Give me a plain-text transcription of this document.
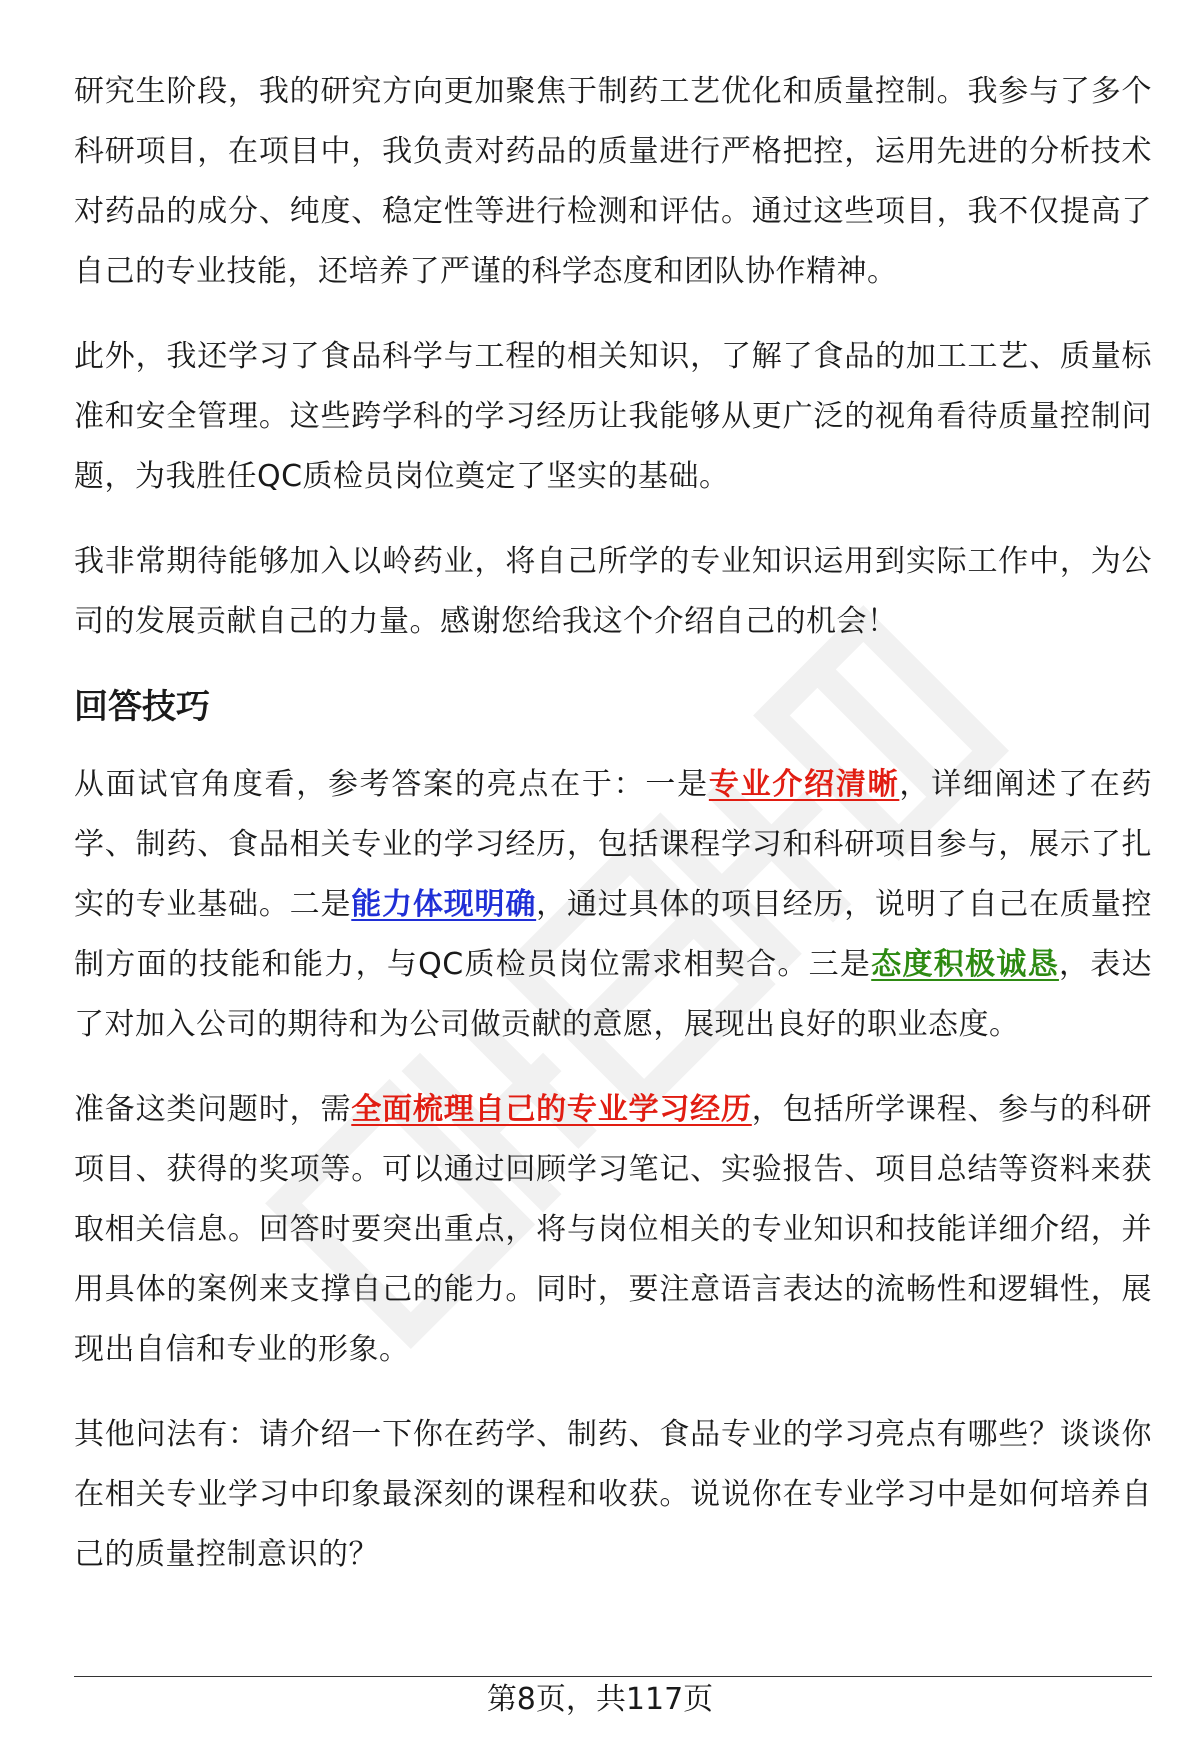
研究生阶段，我的研究方向更加聚焦于制药工艺优化和质量控制。我参与了多个科研项目，在项目中，我负责对药品的质量进行严格把控，运用先进的分析技术对药品的成分、纯度、稳定性等进行检测和评估。通过这些项目，我不仅提高了自己的专业技能，还培养了严谨的科学态度和团队协作精神。

此外，我还学习了食品科学与工程的相关知识，了解了食品的加工工艺、质量标准和安全管理。这些跨学科的学习经历让我能够从更广泛的视角看待质量控制问题，为我胜任QC质检员岗位奠定了坚实的基础。

我非常期待能够加入以岭药业，将自己所学的专业知识运用到实际工作中，为公司的发展贡献自己的力量。感谢您给我这个介绍自己的机会！

回答技巧

从面试官角度看，参考答案的亮点在于：一是专业介绍清晰，详细阐述了在药学、制药、食品相关专业的学习经历，包括课程学习和科研项目参与，展示了扎实的专业基础。二是能力体现明确，通过具体的项目经历，说明了自己在质量控制方面的技能和能力，与QC质检员岗位需求相契合。三是态度积极诚恳，表达了对加入公司的期待和为公司做贡献的意愿，展现出良好的职业态度。

准备这类问题时，需全面梳理自己的专业学习经历，包括所学课程、参与的科研项目、获得的奖项等。可以通过回顾学习笔记、实验报告、项目总结等资料来获取相关信息。回答时要突出重点，将与岗位相关的专业知识和技能详细介绍，并用具体的案例来支撑自己的能力。同时，要注意语言表达的流畅性和逻辑性，展现出自信和专业的形象。

其他问法有：请介绍一下你在药学、制药、食品专业的学习亮点有哪些？谈谈你在相关专业学习中印象最深刻的课程和收获。说说你在专业学习中是如何培养自己的质量控制意识的？

第8页，共117页
